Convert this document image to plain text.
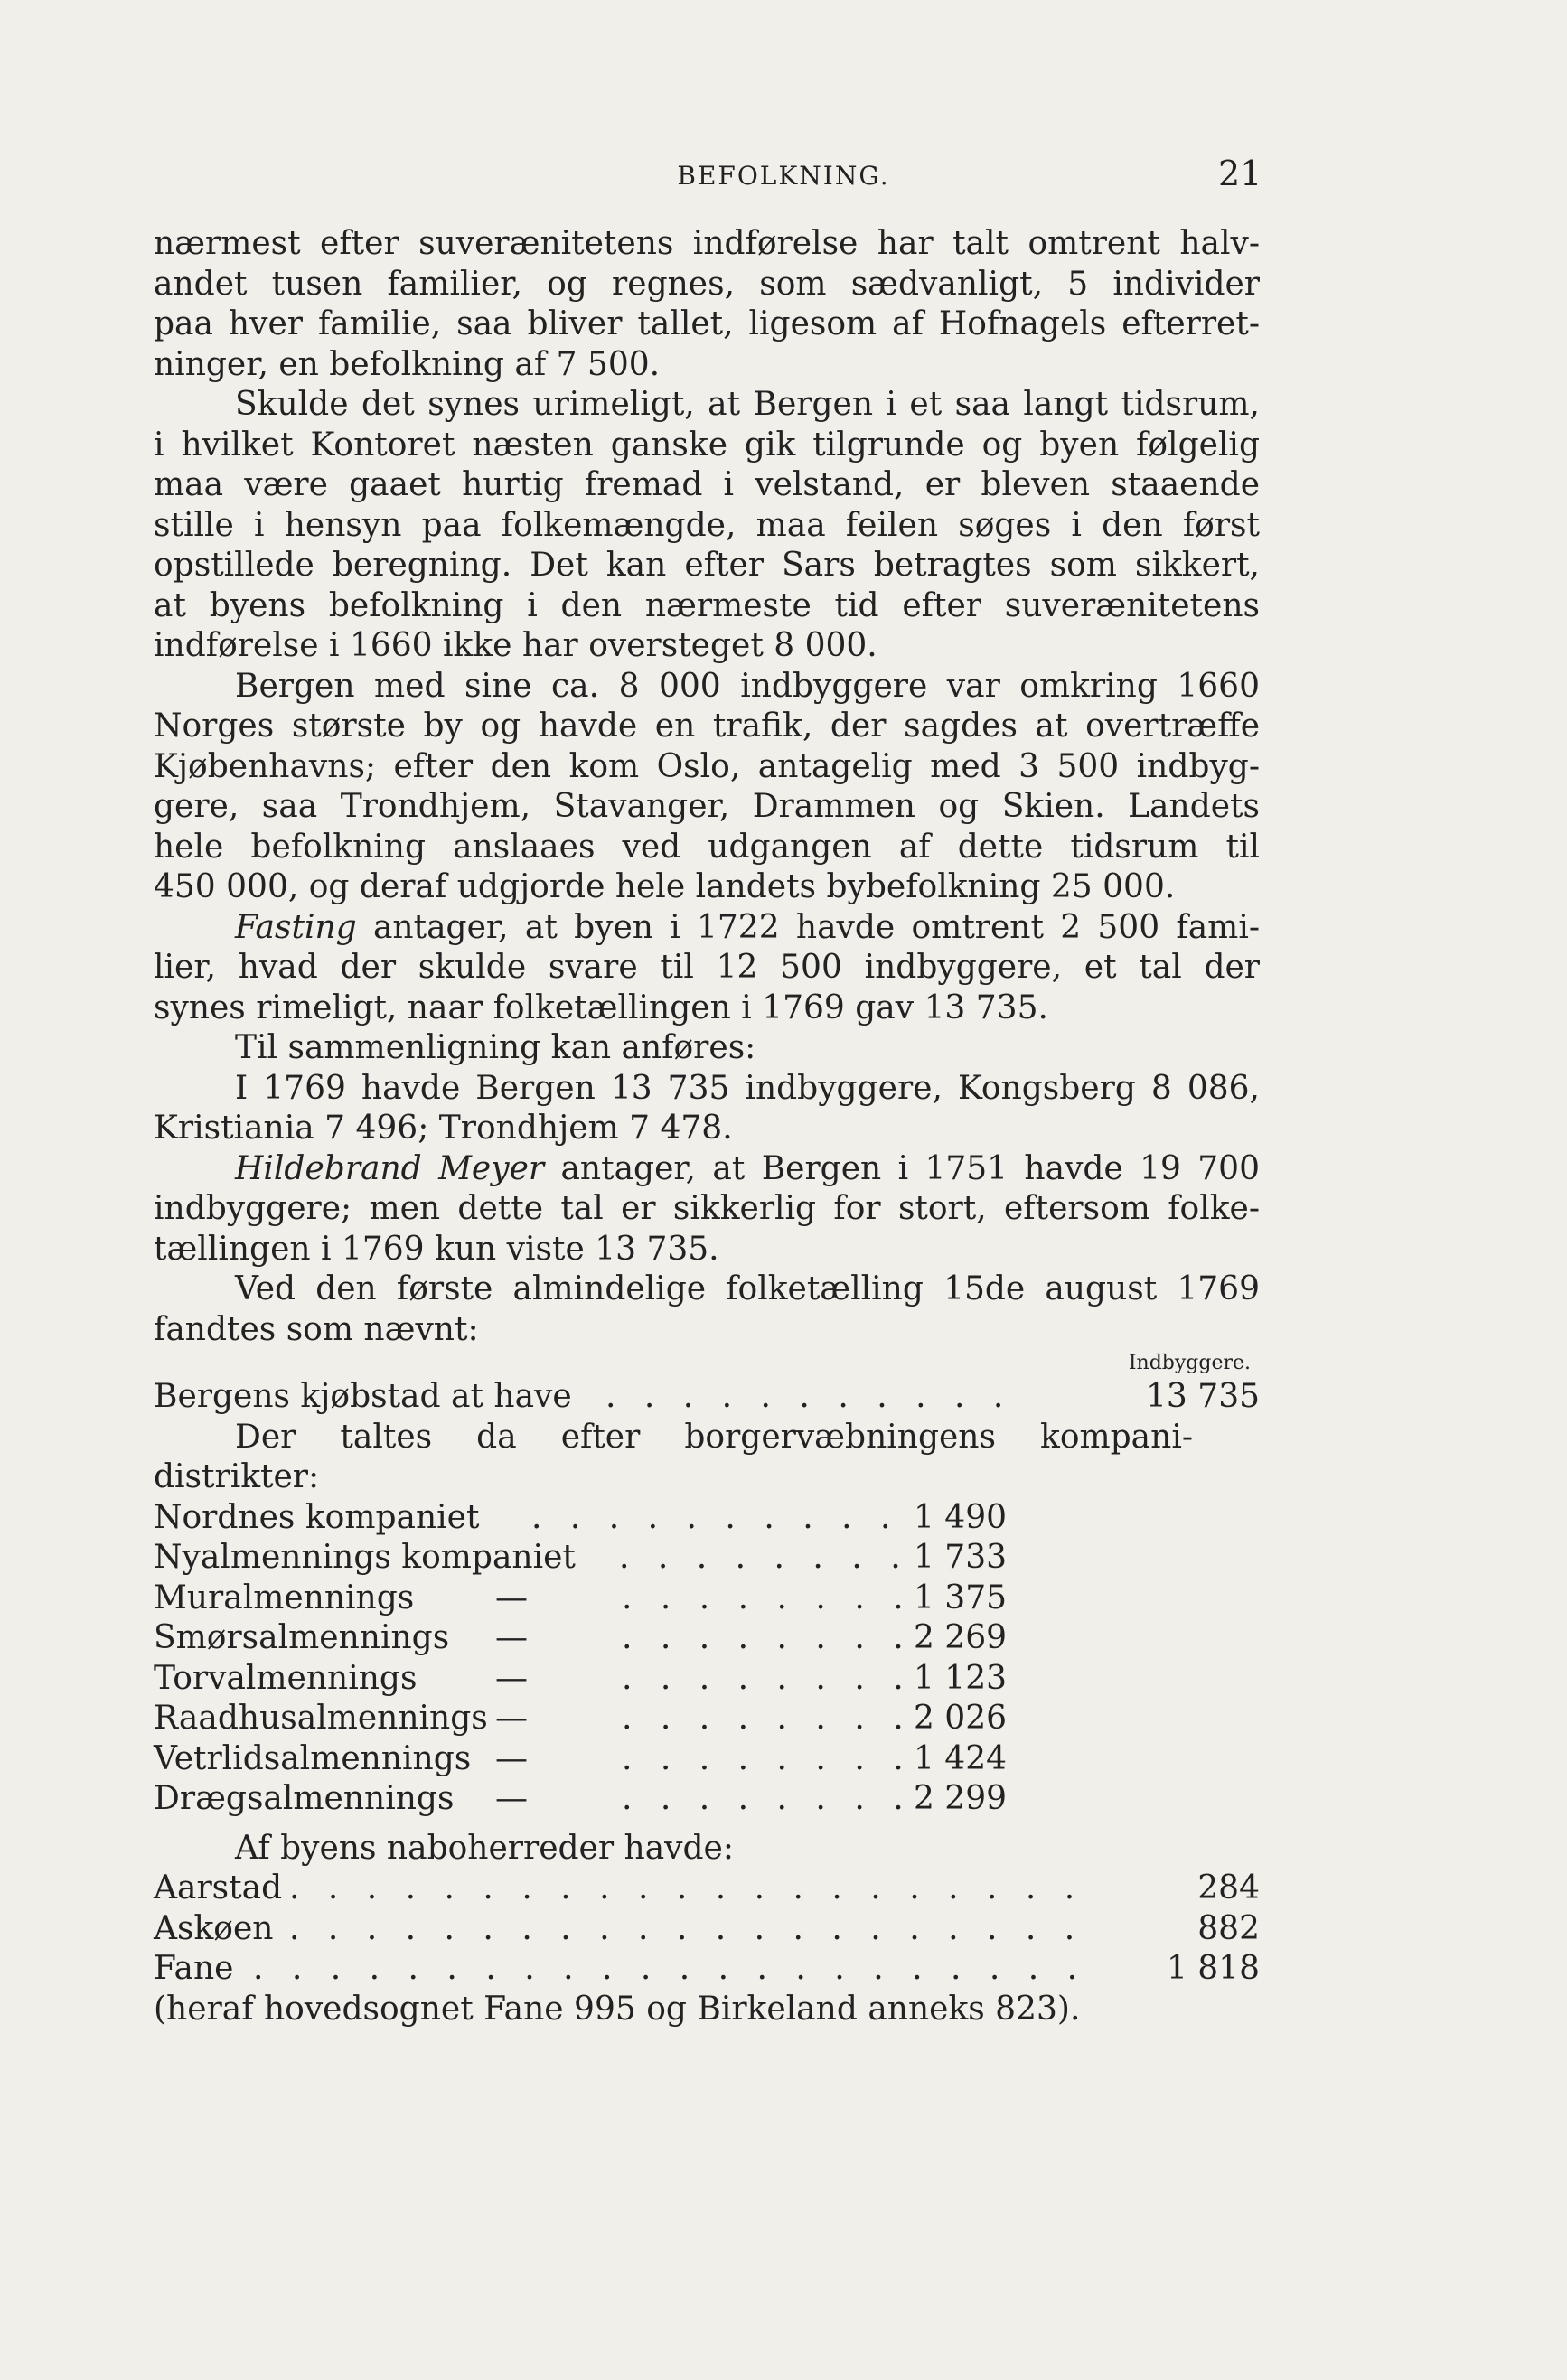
BEFOLKNING.	21
nærmest efter suverænitetens indførelse har talt omtrent halv-
andet tusen familier, og regnes, som sædvanligt, 5 individer
paa hver familie, saa bliver tallet, ligesom af Hofnagels efterret-
ninger, en befolkning af 7 500.
Skulde det synes urimeligt, at Bergen i et saa langt tidsrum,
i hvilket Kontoret næsten ganske gik tilgrunde og byen følgelig
maa være gaaet hurtig fremad i velstand, er bleven staaende
stille i hensyn paa folkemængde, maa feilen søges i den først
opstillede beregning. Det kan efter Sars betragtes som sikkert,
at byens befolkning i den nærmeste tid efter suverænitetens
indførelse i 1660 ikke har oversteget 8 000.
Bergen med sine ca. 8 000 indbyggere var omkring 1660
Norges største by og havde en trafik, der sagdes at overtræffe
Kjøbenhavns; efter den kom Oslo, antagelig med 3 500 indbyg-
gere, saa Trondhjem, Stavanger, Drammen og Skien. Landets
hele befolkning anslaaes ved udgangen af dette tidsrum til
450 000, og deraf udgjorde hele landets bybefolkning 25 000.
Fasting antager, at byen i 1722 havde omtrent 2 500 fami-
lier, hvad der skulde svare til 12 500 indbyggere, et tal der
synes rimeligt, naar folketællingen i 1769 gav 13 735.
Til sammenligning kan anføres:
I 1769 havde Bergen 13 735 indbyggere, Kongsberg 8 086,
Kristiania 7 496; Trondhjem 7 478.
Hildebrand Meyer antager, at Bergen i 1751 havde 19 700
indbyggere; men dette tal er sikkerlig for stort, eftersom folke-
tællingen i 1769 kun viste 13 735.
Ved den første almindelige folketælling 15de august 1769
fandtes som nævnt:
Indbyggere.
Bergens kjøbstad at have . . . . . . . . . . .	13 735
Der taltes da efter borgervæbningens kompani-
distrikter:
Nordnes kompaniet . . . . . . . . . . 1 490
Nyalmennings kompaniet . . . . . . . . 1 733
Muralmennings —	. . . . . . . . 1 375
Smørsalmennings —	. . . . . . . . 2 269
Torvalmennings —	. . . . . . . . 1 123
Raadhusalmennings —	. . . . . . . . 2 026
Vetrlidsalmennings —	. . . . . . . . 1 424
Drægsalmennings —	. . . . . . . . 2 299
Af byens naboherreder havde:
Aarstad . . . . . . . . . . . . . . . . . . . . .	284
Askøen . . . . . . . . . . . . . . . . . . . . .	882
Fane . . . . . . . . . . . . . . . . . . . . . .	1 818
(heraf hovedsognet Fane 995 og Birkeland anneks 823).
